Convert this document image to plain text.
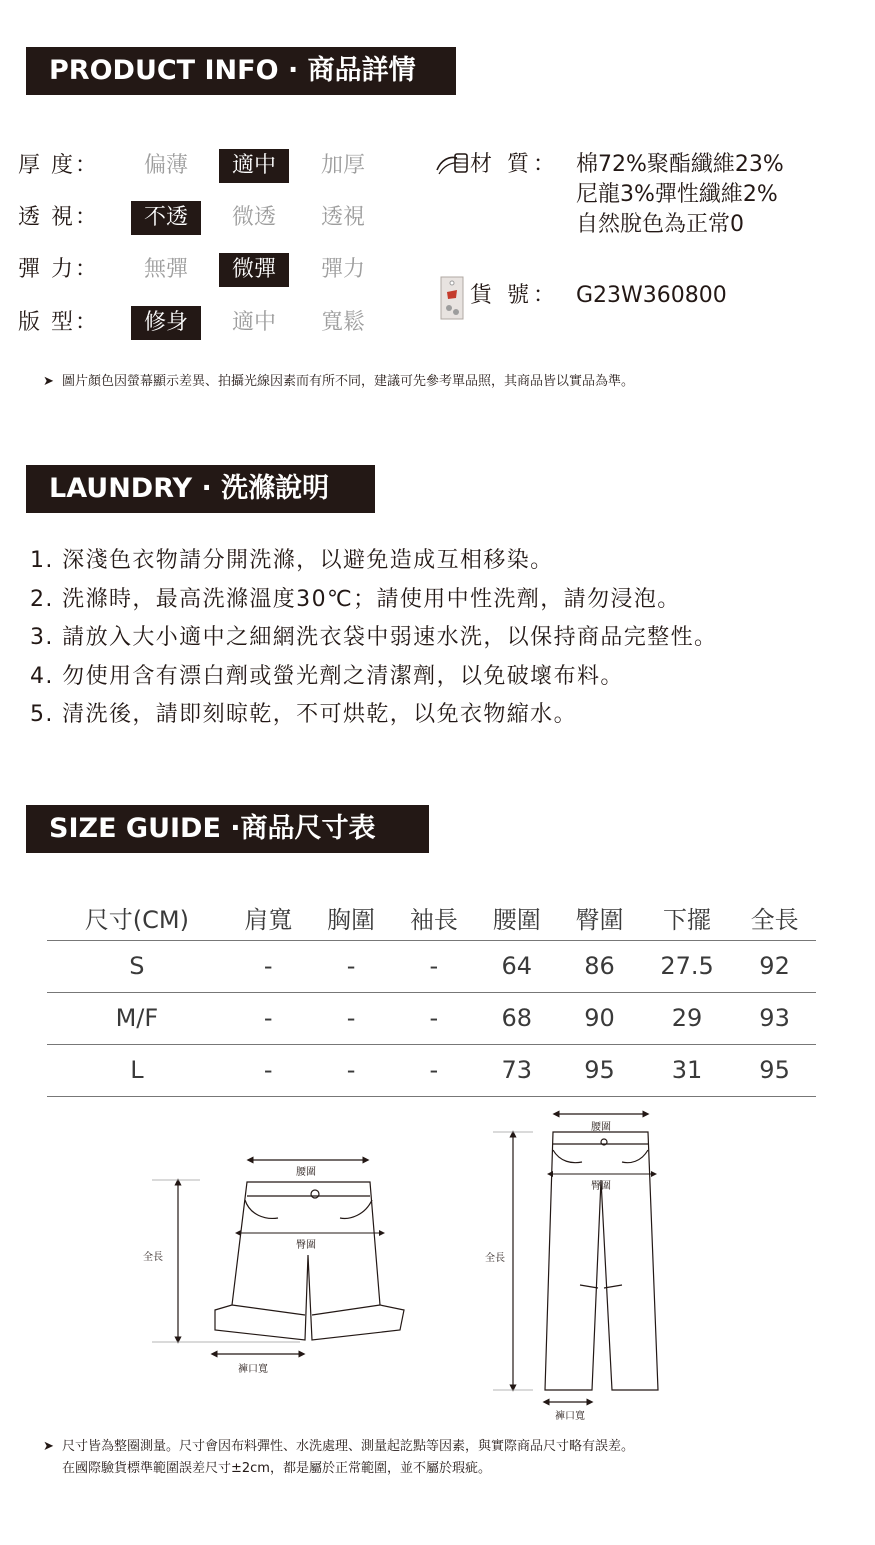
PRODUCT INFO · 商品詳情
厚 度：	偏薄	適中	加厚
透 視：	不透	微透	透視
彈 力：	無彈	微彈	彈力
版 型：	修身	適中	寬鬆
材 質： 棉72%聚酯纖維23%
尼龍3%彈性纖維2%
自然脫色為正常0
貨 號： G23W360800
➤ 圖片顏色因螢幕顯示差異、拍攝光線因素而有所不同，建議可先參考單品照，其商品皆以實品為準。
LAUNDRY · 洗滌說明
1. 深淺色衣物請分開洗滌，以避免造成互相移染。
2. 洗滌時，最高洗滌溫度30℃；請使用中性洗劑，請勿浸泡。
3. 請放入大小適中之細網洗衣袋中弱速水洗，以保持商品完整性。
4. 勿使用含有漂白劑或螢光劑之清潔劑，以免破壞布料。
5. 清洗後，請即刻晾乾，不可烘乾，以免衣物縮水。
SIZE GUIDE ·商品尺寸表
尺寸(CM)	肩寬	胸圍	袖長	腰圍	臀圍	下擺	全長
S	-	-	-	64	86	27.5	92
M/F	-	-	-	68	90	29	93
L	-	-	-	73	95	31	95
腰圍
臀圍
全長
褲口寬
腰圍
臀圍
全長
褲口寬
➤ 尺寸皆為整圈測量。尺寸會因布料彈性、水洗處理、測量起訖點等因素，與實際商品尺寸略有誤差。
在國際驗貨標準範圍誤差尺寸±2cm，都是屬於正常範圍，並不屬於瑕疵。
